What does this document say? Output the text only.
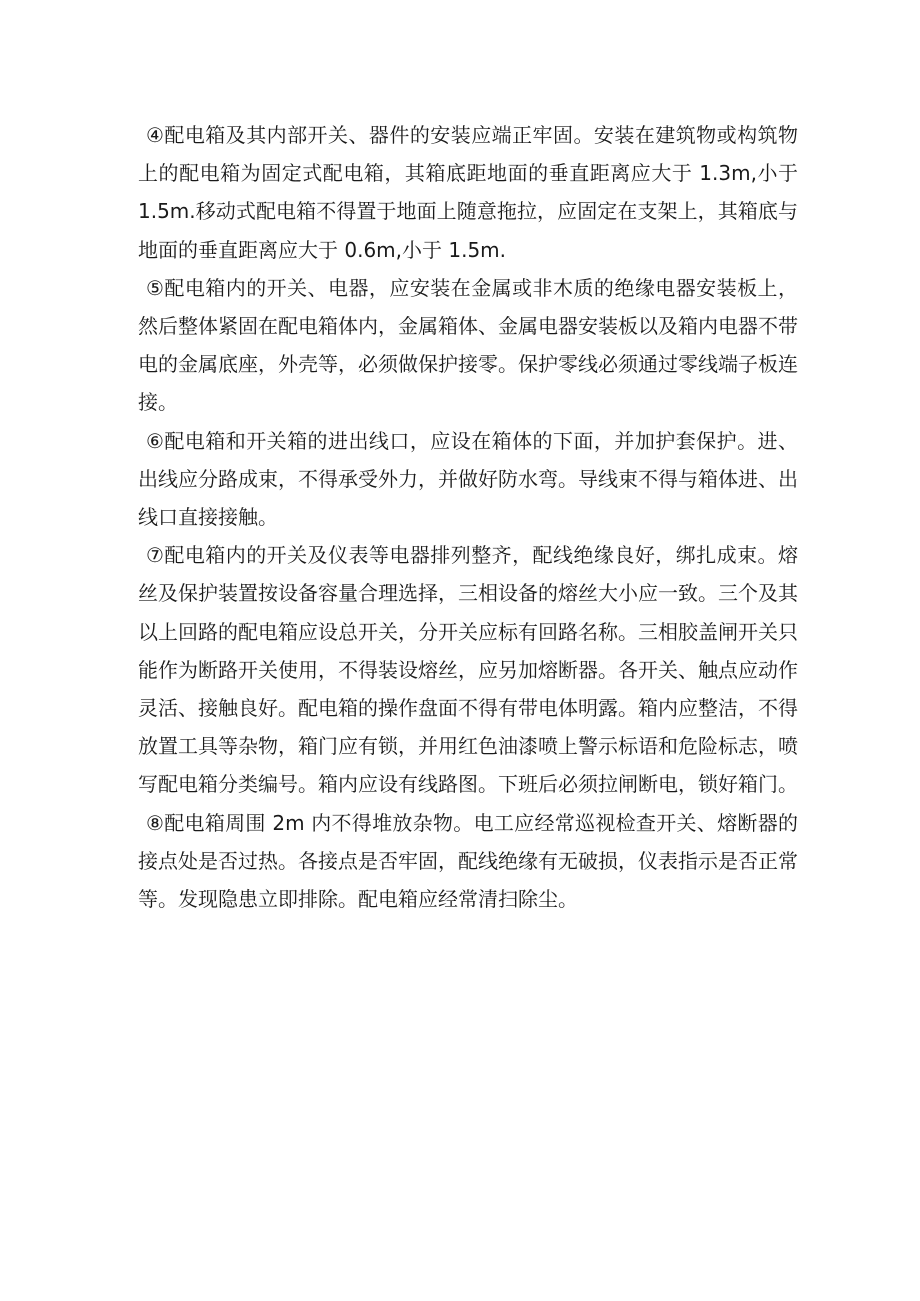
④配电箱及其内部开关、器件的安装应端正牢固。安装在建筑物或构筑物上的配电箱为固定式配电箱，其箱底距地面的垂直距离应大于 1.3m,小于 1.5m.移动式配电箱不得置于地面上随意拖拉，应固定在支架上，其箱底与地面的垂直距离应大于 0.6m,小于 1.5m.

⑤配电箱内的开关、电器，应安装在金属或非木质的绝缘电器安装板上，然后整体紧固在配电箱体内，金属箱体、金属电器安装板以及箱内电器不带电的金属底座，外壳等，必须做保护接零。保护零线必须通过零线端子板连接。

⑥配电箱和开关箱的进出线口，应设在箱体的下面，并加护套保护。进、出线应分路成束，不得承受外力，并做好防水弯。导线束不得与箱体进、出线口直接接触。

⑦配电箱内的开关及仪表等电器排列整齐，配线绝缘良好，绑扎成束。熔丝及保护装置按设备容量合理选择，三相设备的熔丝大小应一致。三个及其以上回路的配电箱应设总开关，分开关应标有回路名称。三相胶盖闸开关只能作为断路开关使用，不得装设熔丝，应另加熔断器。各开关、触点应动作灵活、接触良好。配电箱的操作盘面不得有带电体明露。箱内应整洁，不得放置工具等杂物，箱门应有锁，并用红色油漆喷上警示标语和危险标志，喷写配电箱分类编号。箱内应设有线路图。下班后必须拉闸断电，锁好箱门。

⑧配电箱周围 2m 内不得堆放杂物。电工应经常巡视检查开关、熔断器的接点处是否过热。各接点是否牢固，配线绝缘有无破损，仪表指示是否正常等。发现隐患立即排除。配电箱应经常清扫除尘。
